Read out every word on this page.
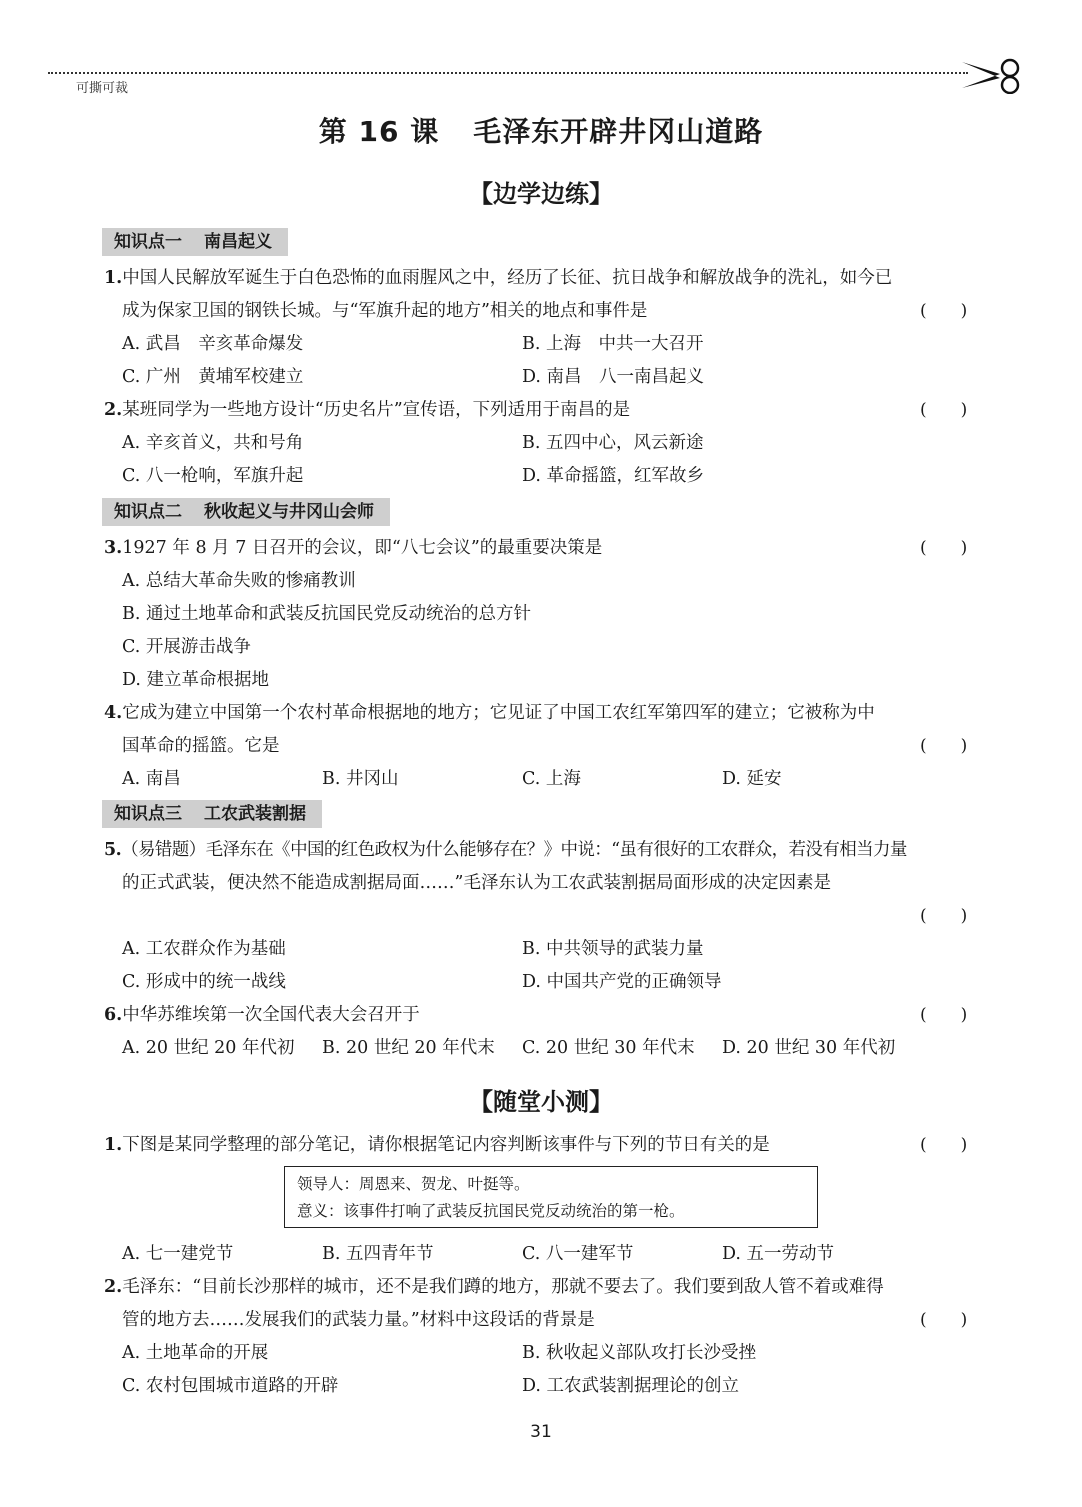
可撕可裁
第 16 课 毛泽东开辟井冈山道路
【边学边练】
知识点一 南昌起义
1.中国人民解放军诞生于白色恐怖的血雨腥风之中，经历了长征、抗日战争和解放战争的洗礼，如今已
成为保家卫国的钢铁长城。与“军旗升起的地方”相关的地点和事件是	(　　)
A. 武昌　辛亥革命爆发	B. 上海　中共一大召开
C. 广州　黄埔军校建立	D. 南昌　八一南昌起义
2.某班同学为一些地方设计“历史名片”宣传语，下列适用于南昌的是	(　　)
A. 辛亥首义，共和号角	B. 五四中心，风云新途
C. 八一枪响，军旗升起	D. 革命摇篮，红军故乡
知识点二 秋收起义与井冈山会师
3.1927 年 8 月 7 日召开的会议，即“八七会议”的最重要决策是	(　　)
A. 总结大革命失败的惨痛教训
B. 通过土地革命和武装反抗国民党反动统治的总方针
C. 开展游击战争
D. 建立革命根据地
4.它成为建立中国第一个农村革命根据地的地方；它见证了中国工农红军第四军的建立；它被称为中
国革命的摇篮。它是	(　　)
A. 南昌	B. 井冈山	C. 上海	D. 延安
知识点三 工农武装割据
5.（易错题）毛泽东在《中国的红色政权为什么能够存在？》中说：“虽有很好的工农群众，若没有相当力量
的正式武装，便决然不能造成割据局面……”毛泽东认为工农武装割据局面形成的决定因素是
(　　)
A. 工农群众作为基础	B. 中共领导的武装力量
C. 形成中的统一战线	D. 中国共产党的正确领导
6.中华苏维埃第一次全国代表大会召开于	(　　)
A. 20 世纪 20 年代初 B. 20 世纪 20 年代末 C. 20 世纪 30 年代末 D. 20 世纪 30 年代初
【随堂小测】
1.下图是某同学整理的部分笔记，请你根据笔记内容判断该事件与下列的节日有关的是	(　　)
领导人：周恩来、贺龙、叶挺等。
意义：该事件打响了武装反抗国民党反动统治的第一枪。
A. 七一建党节	B. 五四青年节	C. 八一建军节	D. 五一劳动节
2.毛泽东：“目前长沙那样的城市，还不是我们蹲的地方，那就不要去了。我们要到敌人管不着或难得
管的地方去……发展我们的武装力量。”材料中这段话的背景是	(　　)
A. 土地革命的开展	B. 秋收起义部队攻打长沙受挫
C. 农村包围城市道路的开辟	D. 工农武装割据理论的创立
31
